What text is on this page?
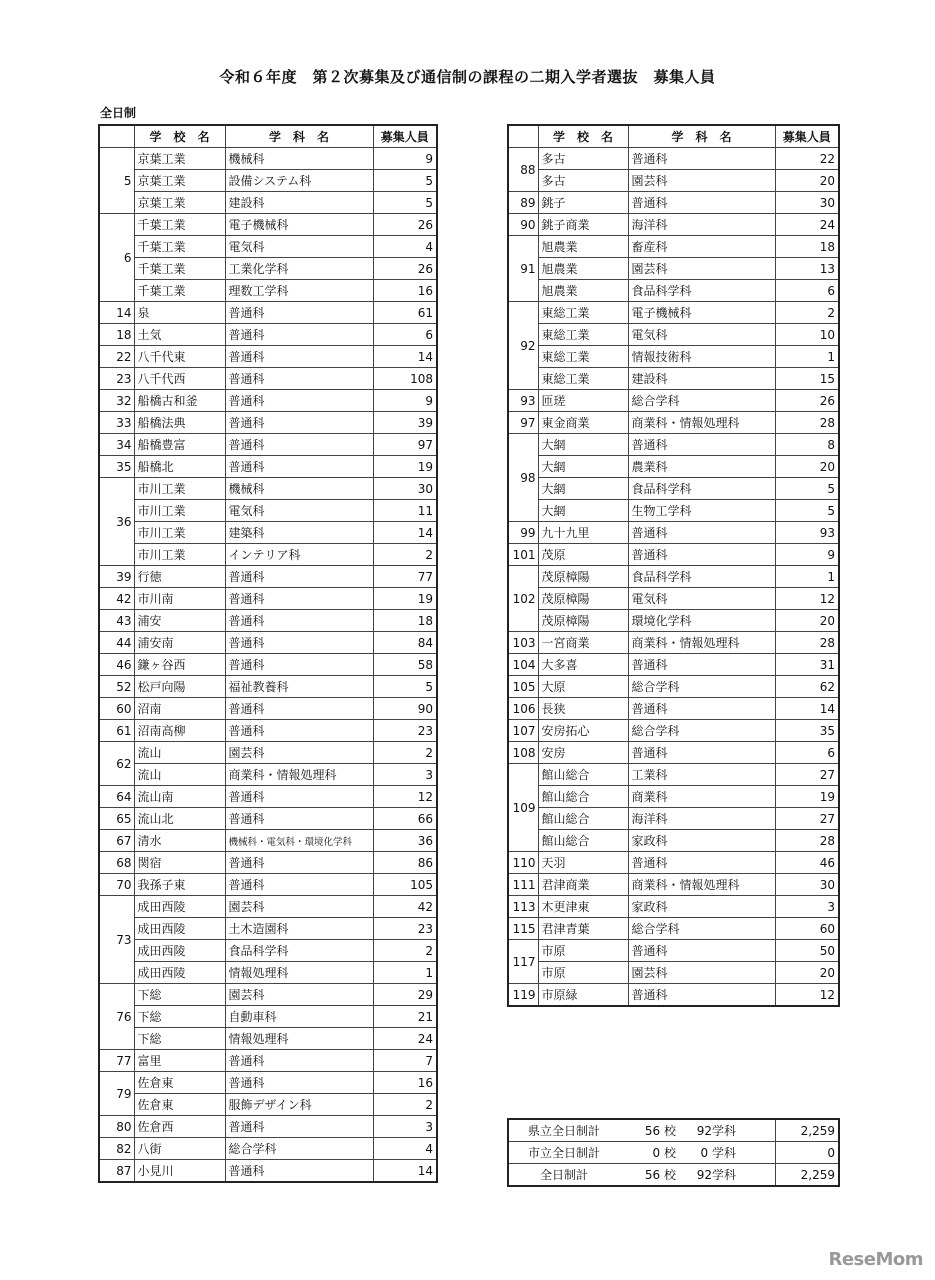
令和６年度　第２次募集及び通信制の課程の二期入学者選抜　募集人員
全日制
	学　校　名	学　科　名	募集人員
5	京葉工業	機械科	9
	京葉工業	設備システム科	5
	京葉工業	建設科	5
6	千葉工業	電子機械科	26
	千葉工業	電気科	4
	千葉工業	工業化学科	26
	千葉工業	理数工学科	16
14	泉	普通科	61
18	土気	普通科	6
22	八千代東	普通科	14
23	八千代西	普通科	108
32	船橋古和釜	普通科	9
33	船橋法典	普通科	39
34	船橋豊富	普通科	97
35	船橋北	普通科	19
36	市川工業	機械科	30
	市川工業	電気科	11
	市川工業	建築科	14
	市川工業	インテリア科	2
39	行徳	普通科	77
42	市川南	普通科	19
43	浦安	普通科	18
44	浦安南	普通科	84
46	鎌ヶ谷西	普通科	58
52	松戸向陽	福祉教養科	5
60	沼南	普通科	90
61	沼南高柳	普通科	23
62	流山	園芸科	2
	流山	商業科・情報処理科	3
64	流山南	普通科	12
65	流山北	普通科	66
67	清水	機械科・電気科・環境化学科	36
68	関宿	普通科	86
70	我孫子東	普通科	105
73	成田西陵	園芸科	42
	成田西陵	土木造園科	23
	成田西陵	食品科学科	2
	成田西陵	情報処理科	1
76	下総	園芸科	29
	下総	自動車科	21
	下総	情報処理科	24
77	富里	普通科	7
79	佐倉東	普通科	16
	佐倉東	服飾デザイン科	2
80	佐倉西	普通科	3
82	八街	総合学科	4
87	小見川	普通科	14
	学　校　名	学　科　名	募集人員
88	多古	普通科	22
	多古	園芸科	20
89	銚子	普通科	30
90	銚子商業	海洋科	24
91	旭農業	畜産科	18
	旭農業	園芸科	13
	旭農業	食品科学科	6
92	東総工業	電子機械科	2
	東総工業	電気科	10
	東総工業	情報技術科	1
	東総工業	建設科	15
93	匝瑳	総合学科	26
97	東金商業	商業科・情報処理科	28
98	大網	普通科	8
	大網	農業科	20
	大網	食品科学科	5
	大網	生物工学科	5
99	九十九里	普通科	93
101	茂原	普通科	9
102	茂原樟陽	食品科学科	1
	茂原樟陽	電気科	12
	茂原樟陽	環境化学科	20
103	一宮商業	商業科・情報処理科	28
104	大多喜	普通科	31
105	大原	総合学科	62
106	長狭	普通科	14
107	安房拓心	総合学科	35
108	安房	普通科	6
109	館山総合	工業科	27
	館山総合	商業科	19
	館山総合	海洋科	27
	館山総合	家政科	28
110	天羽	普通科	46
111	君津商業	商業科・情報処理科	30
113	木更津東	家政科	3
115	君津青葉	総合学科	60
117	市原	普通科	50
	市原	園芸科	20
119	市原緑	普通科	12
県立全日制計 56 校 92学科	2,259
市立全日制計 0 校 0 学科	0
全日制計 56 校 92学科	2,259
ReseMom
